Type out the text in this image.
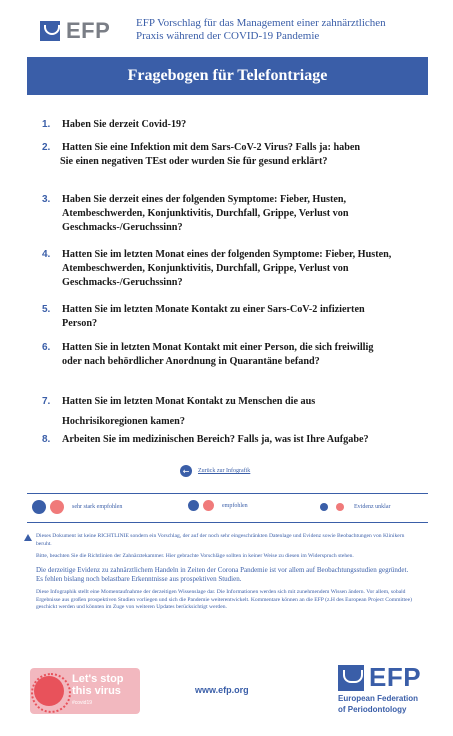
EFP EFP Vorschlag für das Management einer zahnärztlichen
Praxis während der COVID-19 Pandemie
Fragebogen für Telefontriage
1.	Haben Sie derzeit Covid-19?
2.	Hatten Sie eine Infektion mit dem Sars-CoV-2 Virus? Falls ja: haben
Sie einen negativen TEst oder wurden Sie für gesund erklärt?
3.	Haben Sie derzeit eines der folgenden Symptome: Fieber, Husten,
Atembeschwerden, Konjunktivitis, Durchfall, Grippe, Verlust von
Geschmacks-/Geruchssinn?
4.	Hatten Sie im letzten Monat eines der folgenden Symptome: Fieber, Husten,
Atembeschwerden, Konjunktivitis, Durchfall, Grippe, Verlust von
Geschmacks-/Geruchssinn?
5.	Hatten Sie im letzten Monate Kontakt zu einer Sars-CoV-2 infizierten
Person?
6.	Hatten Sie in letzten Monat Kontakt mit einer Person, die sich freiwillig
oder nach behördlicher Anordnung in Quarantäne befand?
7.	Hatten Sie im letzten Monat Kontakt zu Menschen die aus
Hochrisikoregionen kamen?
8.	Arbeiten Sie im medizinischen Bereich? Falls ja, was ist Ihre Aufgabe?
←	Zurück zur Infografik
sehr stark empfohlen	empfohlen	Evidenz unklar

Dieses Dokument ist keine RICHTLINIE sondern ein Vorschlag, der auf der noch sehr eingeschränkten Datenlage und Evidenz sowie Beobachtungen von Klinikern beruht.

Bitte, beachten Sie die Richtlinien der Zahnärztekammer. Hier gebrachte Vorschläge sollten in keiner Weise zu diesen im Widerspruch stehen.

Die derzeitige Evidenz zu zahnärztlichem Handeln in Zeiten der Corona Pandemie ist vor allem auf Beobachtungsstudien gegründet. Es fehlen bislang noch belastbare Erkenntnisse aus prospektiven Studien.

Diese Infographik stellt eine Momentaufnahme der derzeitigen Wissenslage dar. Die Informationen werden sich mit zunehmendem Wissen ändern. Vor allem, sobald Ergebnisse aus großen prospektiven Studien vorliegen und sich die Pandemie weiterentwickelt. Kommentare können an die EFP (z.H des European Project Committee) geschickt werden und könnten im Zuge von weiteren Updates berücksichtigt werden.

Let's stop
this virus
#covid19
www.efp.org	EFP
European Federation
of Periodontology
